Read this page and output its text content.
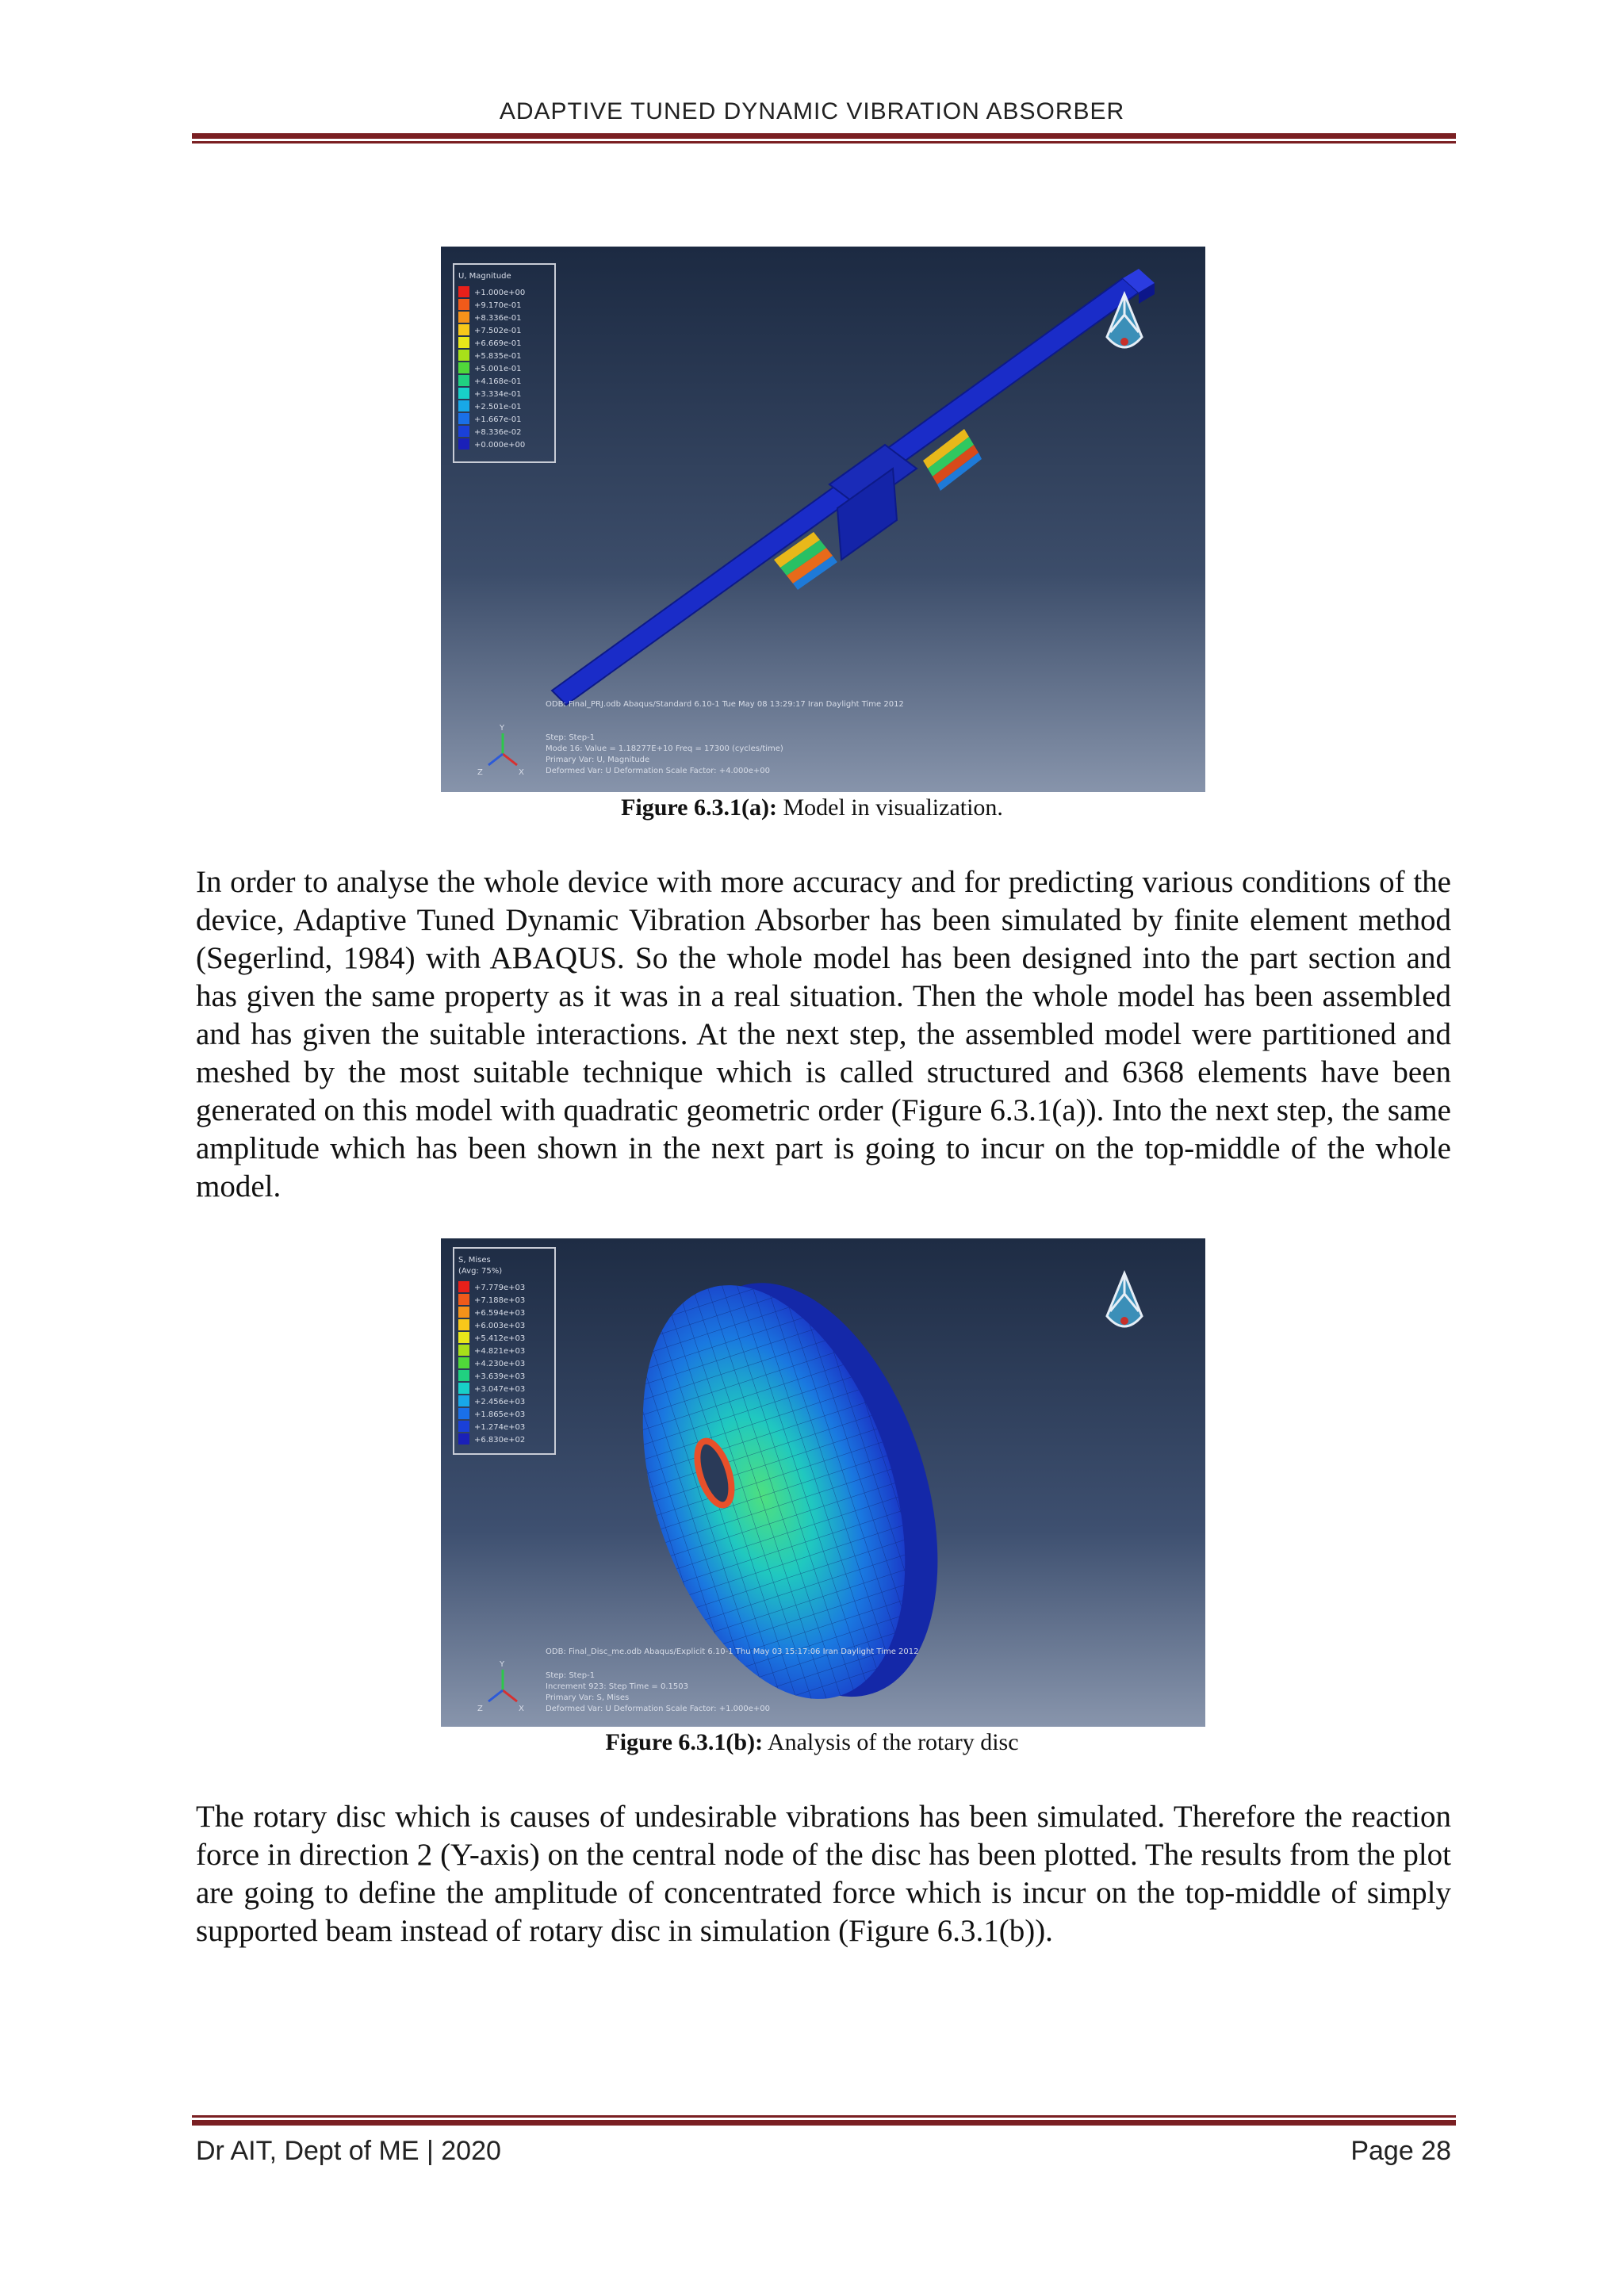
ADAPTIVE TUNED DYNAMIC VIBRATION ABSORBER
U, Magnitude
+1.000e+00
+9.170e-01
+8.336e-01
+7.502e-01
+6.669e-01
+5.835e-01
+5.001e-01
+4.168e-01
+3.334e-01
+2.501e-01
+1.667e-01
+8.336e-02
+0.000e+00
Y
X
Z
ODB: Final_PRJ.odb Abaqus/Standard 6.10-1 Tue May 08 13:29:17 Iran Daylight Time 2012
Step: Step-1
Mode 16: Value = 1.18277E+10 Freq = 17300 (cycles/time)
Primary Var: U, Magnitude
Deformed Var: U Deformation Scale Factor: +4.000e+00
Figure 6.3.1(a): Model in visualization.
In order to analyse the whole device with more accuracy and for predicting various conditions of the device, Adaptive Tuned Dynamic Vibration Absorber has been simulated by finite element method (Segerlind, 1984) with ABAQUS. So the whole model has been designed into the part section and has given the same property as it was in a real situation. Then the whole model has been assembled and has given the suitable interactions. At the next step, the assembled model were partitioned and meshed by the most suitable technique which is called structured and 6368 elements have been generated on this model with quadratic geometric order (Figure 6.3.1(a)). Into the next step, the same amplitude which has been shown in the next part is going to incur on the top-middle of the whole model.
S, Mises
(Avg: 75%)
+7.779e+03
+7.188e+03
+6.594e+03
+6.003e+03
+5.412e+03
+4.821e+03
+4.230e+03
+3.639e+03
+3.047e+03
+2.456e+03
+1.865e+03
+1.274e+03
+6.830e+02
Y
X
Z
ODB: Final_Disc_me.odb Abaqus/Explicit 6.10-1 Thu May 03 15:17:06 Iran Daylight Time 2012
Step: Step-1
Increment 923: Step Time = 0.1503
Primary Var: S, Mises
Deformed Var: U Deformation Scale Factor: +1.000e+00
Figure 6.3.1(b): Analysis of the rotary disc
The rotary disc which is causes of undesirable vibrations has been simulated. Therefore the reaction force in direction 2 (Y-axis) on the central node of the disc has been plotted. The results from the plot are going to define the amplitude of concentrated force which is incur on the top-middle of simply supported beam instead of rotary disc in simulation (Figure 6.3.1(b)).
Dr AIT, Dept of ME | 2020	Page 28
